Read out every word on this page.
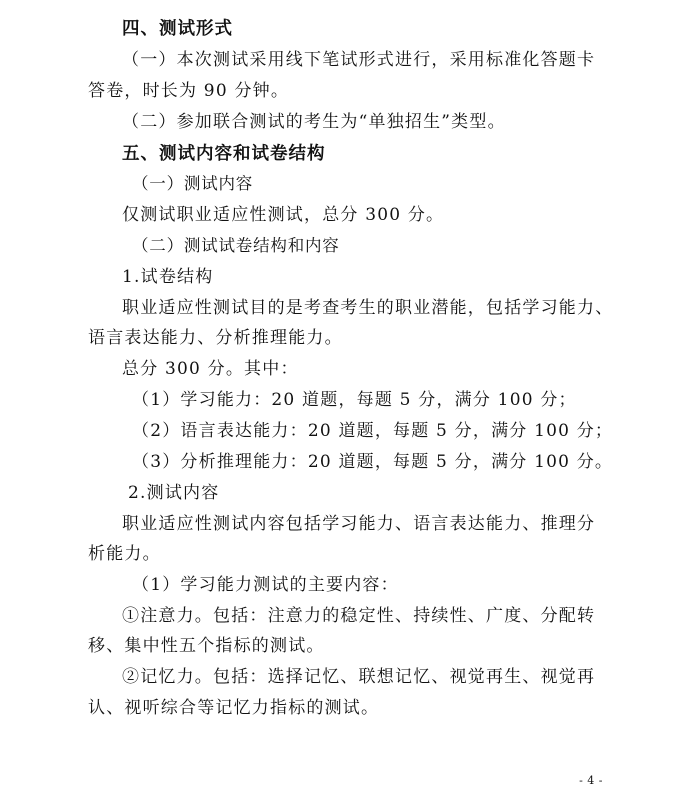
四、测试形式
（一）本次测试采用线下笔试形式进行，采用标准化答题卡
答卷，时长为 90 分钟。
（二）参加联合测试的考生为“单独招生”类型。
五、测试内容和试卷结构
（一）测试内容
仅测试职业适应性测试，总分 300 分。
（二）测试试卷结构和内容
1.试卷结构
职业适应性测试目的是考查考生的职业潜能，包括学习能力、
语言表达能力、分析推理能力。
总分 300 分。其中：
（1）学习能力：20 道题，每题 5 分，满分 100 分；
（2）语言表达能力：20 道题，每题 5 分，满分 100 分；
（3）分析推理能力：20 道题，每题 5 分，满分 100 分。
2.测试内容
职业适应性测试内容包括学习能力、语言表达能力、推理分
析能力。
（1）学习能力测试的主要内容：
①注意力。包括：注意力的稳定性、持续性、广度、分配转
移、集中性五个指标的测试。
②记忆力。包括：选择记忆、联想记忆、视觉再生、视觉再
认、视听综合等记忆力指标的测试。
- 4 -
